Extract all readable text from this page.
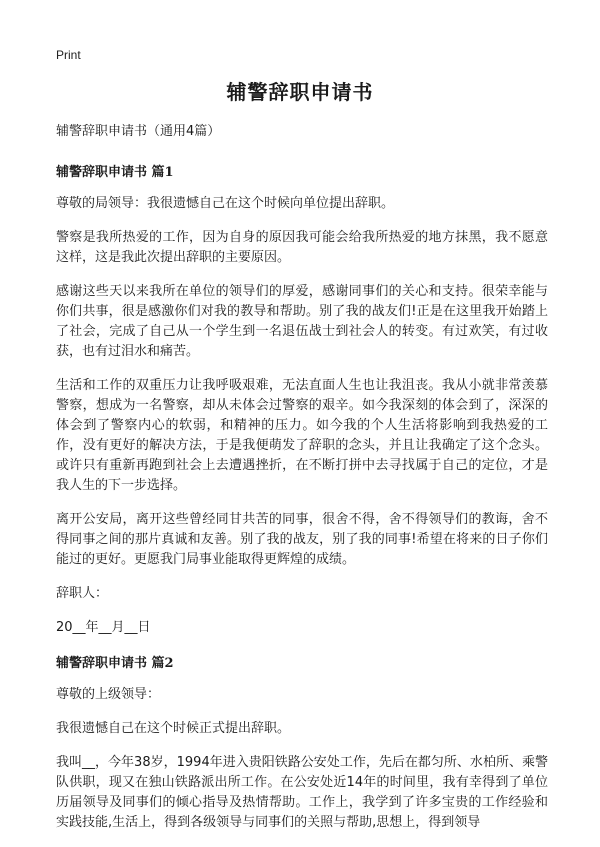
Print
辅警辞职申请书

辅警辞职申请书（通用4篇）

辅警辞职申请书 篇1

尊敬的局领导：我很遗憾自己在这个时候向单位提出辞职。

警察是我所热爱的工作，因为自身的原因我可能会给我所热爱的地方抹黑，我不愿意这样，这是我此次提出辞职的主要原因。

感谢这些天以来我所在单位的领导们的厚爱，感谢同事们的关心和支持。很荣幸能与你们共事，很是感激你们对我的教导和帮助。别了我的战友们!正是在这里我开始踏上了社会，完成了自己从一个学生到一名退伍战士到社会人的转变。有过欢笑，有过收获，也有过泪水和痛苦。

生活和工作的双重压力让我呼吸艰难，无法直面人生也让我沮丧。我从小就非常羡慕警察，想成为一名警察，却从未体会过警察的艰辛。如今我深刻的体会到了，深深的体会到了警察内心的软弱，和精神的压力。如今我的个人生活将影响到我热爱的工作，没有更好的解决方法，于是我便萌发了辞职的念头，并且让我确定了这个念头。或许只有重新再跑到社会上去遭遇挫折，在不断打拼中去寻找属于自己的定位，才是我人生的下一步选择。

离开公安局，离开这些曾经同甘共苦的同事，很舍不得，舍不得领导们的教诲，舍不得同事之间的那片真诚和友善。别了我的战友，别了我的同事!希望在将来的日子你们能过的更好。更愿我门局事业能取得更辉煌的成绩。

辞职人：

20__年__月__日

辅警辞职申请书 篇2

尊敬的上级领导：

我很遗憾自己在这个时候正式提出辞职。

我叫__，今年38岁，1994年进入贵阳铁路公安处工作，先后在都匀所、水柏所、乘警队供职，现又在独山铁路派出所工作。在公安处近14年的时间里，我有幸得到了单位历届领导及同事们的倾心指导及热情帮助。工作上，我学到了许多宝贵的工作经验和实践技能,生活上，得到各级领导与同事们的关照与帮助,思想上，得到领导
